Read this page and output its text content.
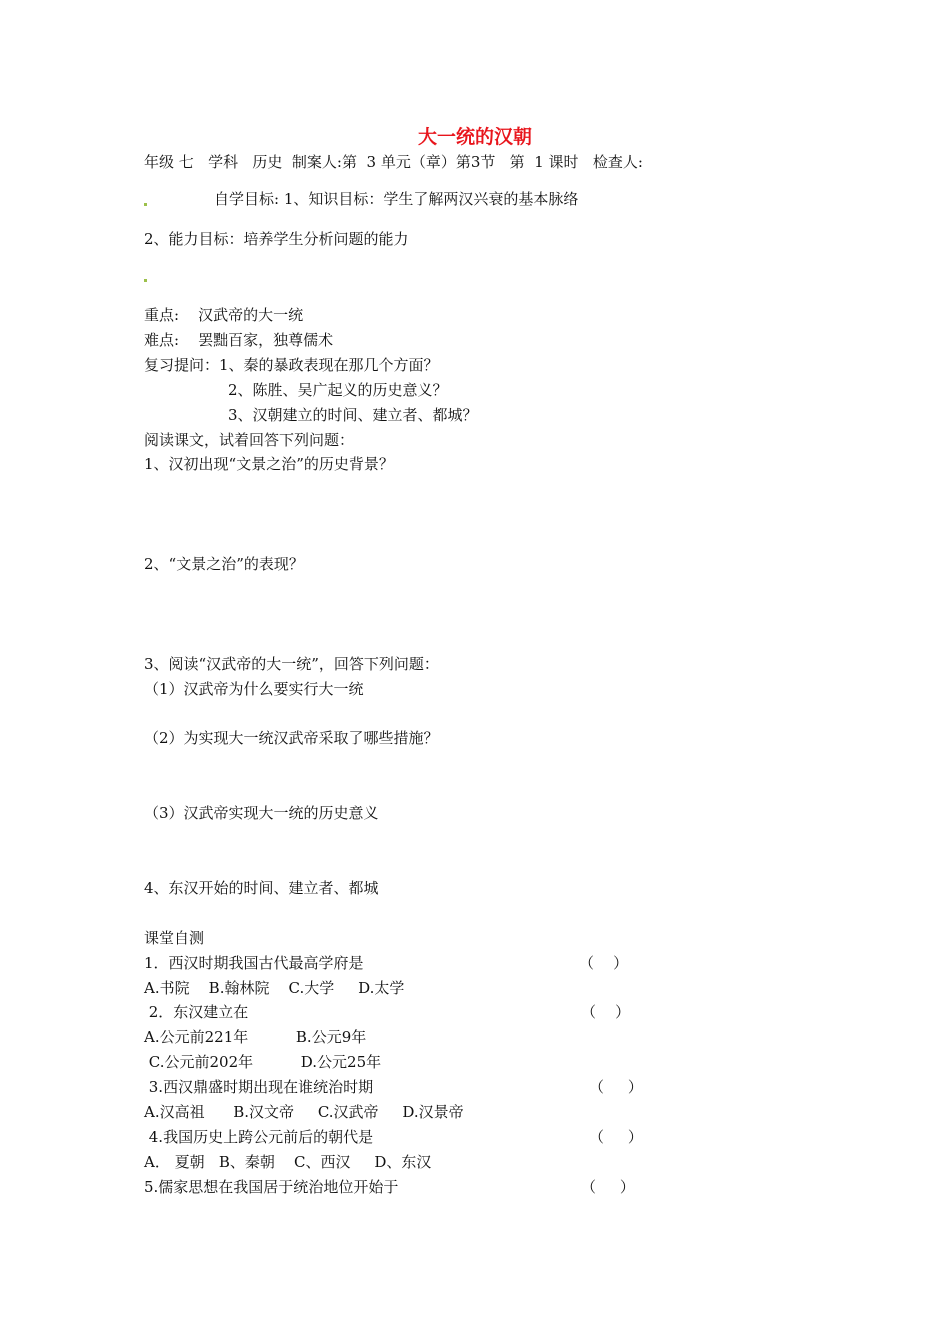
大一统的汉朝
年级 七   学科   历史  制案人:第  3 单元（章）第3节   第  1 课时   检查人:
自学目标: 1、知识目标：学生了解两汉兴衰的基本脉络
2、能力目标：培养学生分析问题的能力
重点:    汉武帝的大一统
难点:    罢黜百家，独尊儒术
复习提问：1、秦的暴政表现在那几个方面？
2、陈胜、吴广起义的历史意义？
3、汉朝建立的时间、建立者、都城？
阅读课文，试着回答下列问题：
1、汉初出现“文景之治”的历史背景？
2、“文景之治”的表现？
3、阅读“汉武帝的大一统”，回答下列问题：
（1）汉武帝为什么要实行大一统
（2）为实现大一统汉武帝采取了哪些措施？
（3）汉武帝实现大一统的历史意义
4、东汉开始的时间、建立者、都城
课堂自测
1．西汉时期我国古代最高学府是	（    ）
A.书院    B.翰林院    C.大学     D.太学
2．东汉建立在	（    ）
A.公元前221年          B.公元9年
C.公元前202年          D.公元25年
3.西汉鼎盛时期出现在谁统治时期	（     ）
A.汉高祖      B.汉文帝     C.汉武帝     D.汉景帝
4.我国历史上跨公元前后的朝代是	（     ）
A． 夏朝   B、秦朝    C、西汉     D、东汉
5.儒家思想在我国居于统治地位开始于	（     ）
